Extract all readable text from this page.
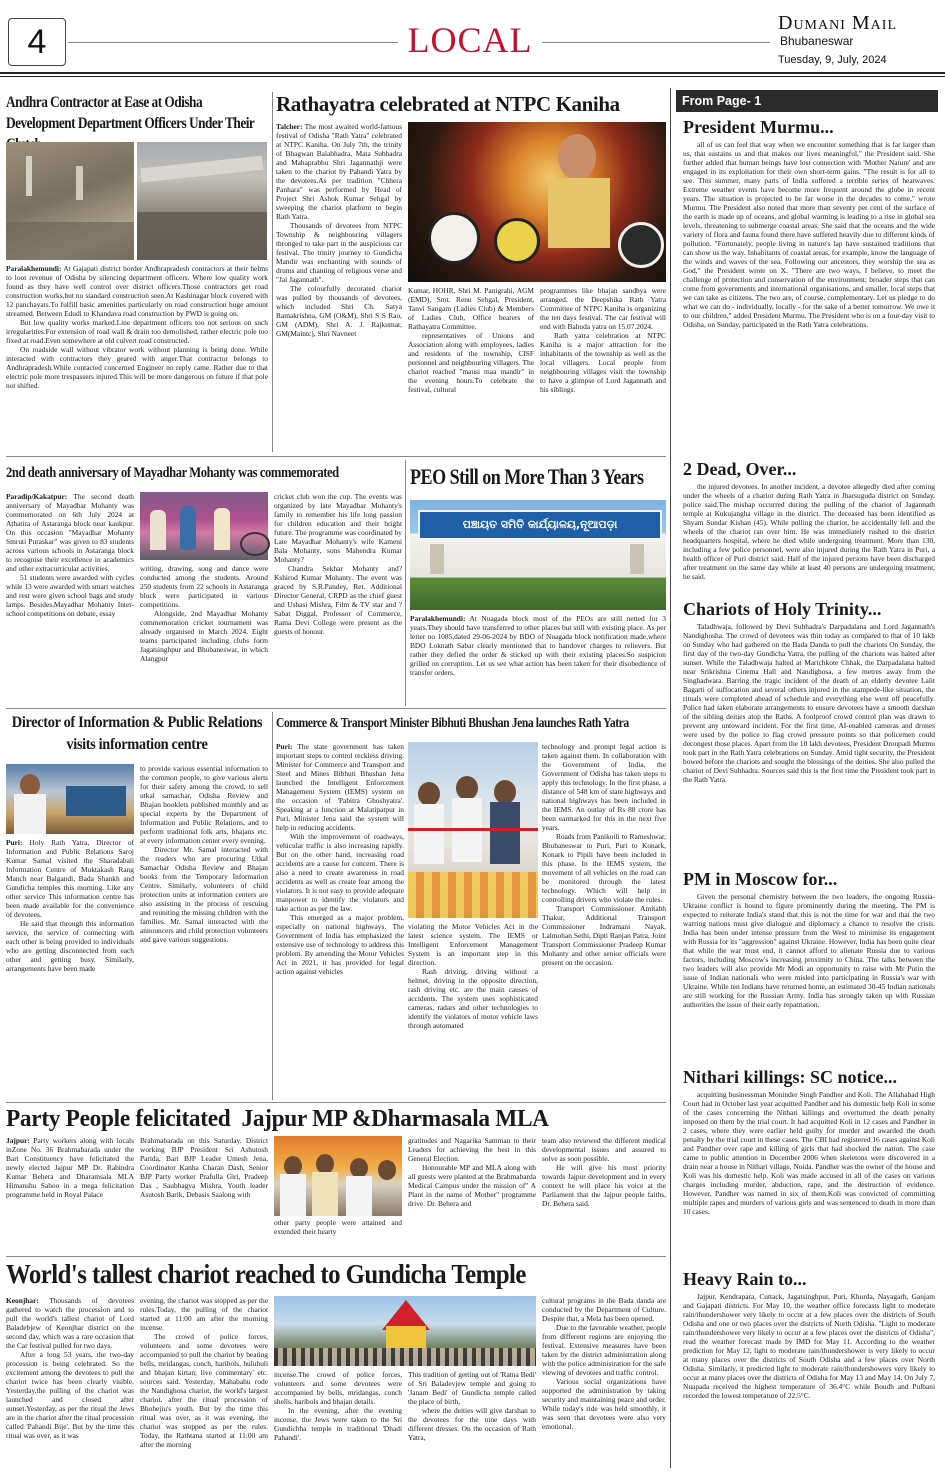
4	LOCAL	Dumani Mail
Bhubaneswar
Tuesday, 9, July, 2024
Andhra Contractor at Ease at Odisha Development Department Officers Under Their

Paralakhemundi: At Gajapati district border Andhrapradesh contractors at their helms to loot revenue of Odisha by silencing department officers. Where low quality work found as they have well control over district officers.Those contractors get road construction works,but no standard construction seen.At Kashinagar block covered with 12 panchayats.To fulfill basic amenities particularly on road construction huge amount streamed. Between Edudi to Khandava road construction by PWD is going on.

But low quality works marked.Line department officers too not serious on such irregularities.For extension of road wall & drain too demolished, rather electric pole too fixed at road.Even somewhere at old culvert road constructed.

On roadside wall without vibrator work without planning is being done. While interacted with contractors they geared with anger.That contractor belongs to Andhrapradesh.While contacted concerned Engineer no reply came. Rather due to that electric pole more trespassers injured.This will be more dangerous on future if that pole not shifted.

Rathayatra celebrated at NTPC Kaniha

Talcher: The most awaited world-famous festival of Odisha "Rath Yatra" celebrated at NTPC Kaniha. On July 7th, the trinity of Bhagwan Balabhadra, Mata Subhadra and Mahaprabhu Shri Jagannathji were taken to the chariot by Pahandi Yatra by the devotees.As per tradition "Chhera Panhara" was performed by Head of Project Shri Ashok Kumar Sehgal by sweeping the chariot platform to begin Rath Yatra.

Thousands of devotees from NTPC Township & neighbouring villagers thronged to take part in the auspicious car festival. The trinity journey to Gundicha Mandir was enchanting with sounds of drums and chanting of religious verse and "Jai Jagannath".

The colourfully decorated chariot was pulled by thousands of devotees, which included Shri Ch. Satya Ramakrishna, GM (O&M), Shri S S Rao, GM (ADM), Shri A. J. Rajkumar, GM(Maintc), Shri Navneet

Kumar, HOHR, Shri M. Panigrahi, AGM (EMD), Smt. Renu Sehgal, President, Tanvi Sangam (Ladies Club) & Members of Ladies Club, Office bearers of Rathayatra Committee.

representatives of Unions and Association along with employees, ladies and residents of the township, CISF personnel and neighbouring villagers. The chariot reached "mausi maa mandir" in the evening hours.To celebrate the festival, cultural

programmes like bhajan sandhya were arranged. the Deepshika Rath Yatra Committee of NTPC Kaniha is organizing the ten days festival. The car festival will end with Bahuda yatra on 15.07.2024.

Rath yatra celebration at NTPC Kaniha is a major attraction for the inhabitants of the township as well as the local villagers. Local people from neighbouring villages visit the township to have a glimpse of Lord Jagannath and his siblings.

2nd death anniversary of Mayadhar Mohanty was commemorated

Paradip/Kakatpur: The second death anniversary of Mayadhar Mohanty was commemorated on 6th July 2024 at Athatira of Astaranga block near kaukpur. On this occasion "Mayadhar Mohanty Smruti Puraskar" was given to 83 students across various schools in Astaranga block to recognise their excellence in academics and other extracurricular activities.

51 students were awarded with cycles while 13 were awarded with smart watches and rest were given school bags and study lamps. Besides,Mayadhar Mohanty Inter-school competitions on debate, essay

writing, drawing, song and dance were conducted among the students. Around 250 students from 22 schools in Astaranga block were participated in various competitions.

Alongside, 2nd Mayadhar Mohanty commemoration cricket tournament was already organised in March 2024. Eight teams participated including clubs form Jagatsinghpur and Bhubaneswar, in which Alangpur

cricket club won the cup. The events was organized by late Mayadhar Mohanty's family to remember his life long passion for children education and their bright future. The programme was coordinated by Late Mayadhar Mohanty's wife Kameni Bala Mohanty, sons Mahendra Kumar Mohanty?

Chandra Sekhar Mohanty and? Kshirod Kumar Mohanty. The event was graced by S.R.Pandey, Ret. Additional Director General, CRPD as the chief guest and Ushasi Mishra, Film & TV star and ?Sabat Diggal, Professor of Commerce, Rama Devi College were present as the guests of honour.

PEO Still on More Than 3 Years
ପଞ୍ଚାୟତ ସମିତି କାର୍ଯ୍ୟାଳୟ,ନୂଆପଡ଼ା

Paralakhemundi: At Nuagada block most of the PEOs are still netted for 3 years.They should have transferred to other places but still with existing place. As per letter no 1085,dated 29-06-2024 by BDO of Nuagada block notification made,where BDO Loknath Sabar clearly mentioned that to handover charges to relievers. But rather they defied the order & sticked up with their existing places.So suspicion grilled on corruption. Let us see what action has been taken for their disobedience of transfer orders.

Director of Information & Public Relations visits information centre

Puri: Holy Rath Yatra, Director of Information and Public Relations Saroj Kumar Samal visited the Sharadabali Information Centre of Muktakash Rang Manch near Balgandi, Bada Shankh and Gundicha temples this morning. Like any other service This information centre has been made available for the convenience of devotees.

He said that through this information service, the service of connecting with each other is being provided to individuals who are getting disconnected from each other and getting busy. Similarly, arrangements have been made

to provide various essential information to the common people, to give various alerts for their safety among the crowd, to sell utkal samachar, Odisha Review and Bhajan booklets published monthly and as special experts by the Department of Information and Public Relations, and to perform traditional folk arts, bhajans etc. at every information center every evening.

Director Mr. Samal interacted with the readers who are procuring Utkal Samachar Odisha Review and Bhajan books from the Temporary Information Centre. Similarly, volunteers of child protection units at information centers are also assisting in the process of rescuing and reuniting the missing children with the families. Mr. Samal interacted with the announcers and child protection volunteers and gave various suggestions.

Commerce & Transport Minister Bibhuti Bhushan Jena launches Rath Yatra

Puri: The state government has taken important steps to control reckless driving. Minister for Commerce and Transport and Steel and Mines Bibhuti Bhushan Jena launched the Intelligent Enforcement Management System (IEMS) system on the occasion of 'Pabitra Ghoshyatra'. Speaking at a function at Malatipatpur in Puri, Minister Jena said the system will help in reducing accidents.

With the improvement of roadways, vehicular traffic is also increasing rapidly. But on the other hand, increasing road accidents are a cause for concern. There is also a need to create awareness in road accidents as well as create fear among the violators. It is not easy to provide adequate manpower to identify the violators and take action as per the law.

This emerged as a major problem, especially on national highways. The Government of India has emphasized the extensive use of technology to address this problem. By amending the Motor Vehicles Act in 2021, it has provided for legal action against vehicles

violating the Motor Vehicles Act in the latest science system. The IEMS or Intelligent Enforcement Management System is an important step in this direction.

Rash driving, driving without a helmet, driving in the opposite direction, rash driving etc. are the main causes of accidents. The system uses sophisticated cameras, radars and other technologies to identify the violators of motor vehicle laws through automated

technology and prompt legal action is taken against them. In collaboration with the Government of India, the Government of Odisha has taken steps to apply this technology. In the first phase, a distance of 548 km of state highways and national highways has been included in the IEMS. An outlay of Rs 88 crore has been earmarked for this in the next five years.

Roads from Panikoili to Rameshwar, Bhubaneswar to Puri, Puri to Konark, Konark to Pipili have been included in this phase. In the IEMS system, the movement of all vehicles on the road can be monitored through the latest technology. Which will help in controlling drivers who violate the rules.

Transport Commissioner Amitabh Thakur, Additional Transport Commissioner Indramani Nayak, Lalmohan Sethi, Dipti Ranjan Patra, Joint Transport Commissioner Pradeep Kumar Mohanty and other senior officials were present on the occasion.

Party People felicitated  Jajpur MP &Dharmasala MLA

Jajpur: Party workers along with locals inZone No. 36 Brahmabarada under the Bari Constituency have felicitated the newly elected Jajpur MP Dr. Rabindra Kumar Behera and Dharamsala MLA Himanshu Sahoo in a mega felicitation programme held in Royal Palace

Brahmabarada on this Saturday. District working BJP President Sri Ashutosh Parida, Bari BJP Leader Umesh Jena, Coordinator Kanha Charan Dash, Senior BJP Party worker Prafulla Giri, Pradeep Das , Saubhagya Mishra, Youth leader Asutosh Barik, Debasis Saalong with

other party people were attained and extended their hearty

gratitudes and Nagarika Samman to their Leaders for achieving the best in this General Election.

Honourable MP and MLA along with all guests were planted at the Brahmabarda Medical Campus under the mission of" A Plant in the name of Mother" programme drive. Dr. Behera and

team also reviewed the different medical developmental issues and assured to solve as soon possible.

He will give his most priority towards Jajpur development and in every context he will place his voice at the Parliament that the Jajpur people faiths, Dr. Behera said.

World's tallest chariot reached to Gundicha Temple

Keonjhar: Thousands of devotees gathered to watch the procession and to pull the world's tallest chariot of Lord Baladebjew of Keonjhar district on the second day, which was a rare occasion that the Car festival pulled for two days.

After a long 53 years, the two-day procession is being celebrated. So the excitement among the devotees to pull the chariot twice has been clearly visible. Yesterday,the pulling of the chariot was launched and closed after sunset.Yesterday, as per the ritual the Jews are in the chariot after the ritual procession called 'Pahandi Bije'. But by the time this ritual was over, as it was

evening, the chariot was stopped as per the rules.Today, the pulling of the chariot started at 11:00 am after the morning incense.

The crowd of police forces, volunteers and some devotees were accompanied to pull the chariot by beating bells, mridangas, conch, haribols, huluhuli and bhajan kirtan; live commentary' etc. sources said. Yesterday, Mahabahu rode the Nandighosa chariot, the world's largest chariot, after the ritual procession of Bhohejiu's youth. But by the time this ritual was over, as it was evening, the chariot was stopped as per the rules. Today, the Rathtana started at 11:00 am after the morning

incense.The crowd of police forces, volunteers and some devotees were accompanied by bells, mridangas, conch shells, haribols and bhajan details.

In the evening, after the evening incense, the Jews were taken to the Sri Gundichha temple in traditional 'Dhadi Pahandi'.

This tradition of getting out of 'Ratna Bedi' of Sri Baladevjew temple and going to 'Janam Bedi' of Gundicha temple called the place of birth,

where the deities will give darshan to the devotees for the nine days with different dresses. On the occasion of Rath Yatra,

cultural programs in the Bada danda are conducted by the Department of Culture. Despite that, a Mela has been opened.

Due to the favorable weather, people from different regions are enjoying the festival. Extensive measures have been taken by the district administration along with the police administration for the safe viewing of devotees and traffic control.

Various social organizations have supported the administration by taking security and maintaining peace and order. While today's ride was held smoothly, it was seen that devotees were also very emotional.

From Page- 1
President Murmu...

all of us can feel that way when we encounter something that is far larger than us, that sustains us and that makes our lives meaningful," the President said. She further added that human beings have lost connection with 'Mother Nature' and are engaged in its exploitation for their own short-term gains. "The result is for all to see. This summer, many parts of India suffered a terrible series of heatwaves. Extreme weather events have become more frequent around the globe in recent years. The situation is projected to be far worse in the decades to come," wrote Murmu. The President also noted that more than seventy per cent of the surface of the earth is made up of oceans, and global warming is leading to a rise in global sea levels, threatening to submerge coastal areas. She said that the oceans and the wide variety of flora and fauna found there have suffered heavily due to different kinds of pollution. "Fortunately, people living in nature's lap have sustained traditions that can show us the way. Inhabitants of coastal areas, for example, know the language of the winds and waves of the sea. Following our ancestors, they worship the sea as God," the President wrote on X. "There are two ways, I believe, to meet the challenge of protection and conservation of the environment; broader steps that can come from governments and international organisations, and smaller, local steps that we can take as citizens. The two are, of course, complementary. Let us pledge to do what we can do - individually, locally - for the sake of a better tomorrow. We owe it to our children," added President Murmu. The President who is on a four-day visit to Odisha, on Sunday, participated in the Rath Yatra celebrations.

2 Dead, Over...

the injured devotees. In another incident, a devotee allegedly died after coming under the wheels of a chariot during Rath Yatra in Jharsuguda district on Sunday, police said.The mishap occurred during the pulling of the chariot of Jagannath temple at Kukujangha village in the district. The deceased has been identified as Shyam Sundar Kishan (45). While pulling the chariot, he accidentally fell and the wheels of the chariot ran over him. He was immediately rushed to the district headquarters hospital, where he died while undergoing treatment. More than 130, including a few police personnel, were also injured during the Rath Yatra in Puri, a health officer of Puri district said. Half of the injured persons have been discharged after treatment on the same day while at least 40 persons are undergoing treatment, he said.

Chariots of Holy Trinity...

Taladhwaja, followed by Devi Subhadra's Darpadalana and Lord Jagannath's Nandighosha. The crowd of devotees was thin today as compared to that of 10 lakh on Sunday who had gathered on the Bada Danda to pull the chariots On Sunday, the first day of the two-day Gundicha Yatra, the pulling of the chariots was halted after sunset. While the Taladhwaja halted at Marichkote Chhak, the Darpadalana halted near Srikrishna Cinema Hall and Nandighosa, a few metres away from the Singhadwara. Barring the tragic incident of the death of an elderly devotee Lalit Bagarti of suffocation and several others injured in the stampede-like situation, the rituals were completed ahead of schedule and everything else went off peacefully. Police had taken elaborate arrangements to ensure devotees have a smooth darshan of the sibling deities atop the Raths. A foolproof crowd control plan was drawn to prevent any untoward incident. For the first time, AI-enabled cameras and drones were used by the police to flag crowd pressure points so that policemen could decongest those places. Apart from the 10 lakh devotees, President Droupadi Murmu took part in the Rath Yatra celebrations on Sunday. Amid tight security, the President bowed before the chariots and sought the blessings of the deities. She also pulled the chariot of Devi Subhadra. Sources said this is the first time the President took part in the Rath Yatra.

PM in Moscow for...

Given the personal chemistry between the two leaders, the ongoing Russia-Ukraine conflict is bound to figure prominently during the meeting. The PM is expected to reiterate India's stand that this is not the time for war and that the two warring nations must give dialogue and diplomacy a chance to resolve the crisis. India has been under intense pressure from the West to minimise its engagement with Russia for its "aggression" against Ukraine. However, India has been quite clear that while the war must end, it cannot afford to alienate Russia due to various factors, including Moscow's increasing proximity to China. The talks between the two leaders will also provide Mr Modi an opportunity to raise with Mr Putin the issue of Indian nationals who were misled into participating in Russia's war with Ukraine. While ten Indians have returned home, an estimated 30-45 Indian nationals are still working for the Russian Army. India has strongly taken up with Russian authorities the issue of their early repatriation.

Nithari killings: SC notice...

acquitting businessman Moninder Singh Pandher and Koli. The Allahabad High Court had in October last year acquitted Pandher and his domestic help Koli in some of the cases concerning the Nithari killings and overturned the death penalty imposed on them by the trial court. It had acquitted Koli in 12 cases and Pandher in 2 cases, where they were earlier held guilty for murder and awarded the death penalty by the trial court in these cases. The CBI had registered 16 cases against Koli and Pandher over rape and killing of girls that had shocked the nation. The case came to public attention in December 2006 when skeletons were discovered in a drain near a house in Nithari village, Noida. Pandher was the owner of the house and Koli was his domestic help. Koli was made accused in all of the cases on various charges including murder, abduction, rape, and the destruction of evidence. However, Pandher was named in six of them.Koli was convicted of committing multiple rapes and murders of various girls and was sentenced to death in more than 10 cases.

Heavy Rain to...

Jajpur, Kendrapara, Cuttack, Jagatsinghpur, Puri, Khurda, Nayagarh, Ganjam and Gajapati districts. For May 10, the weather office forecasts light to moderate rain/thundershower very likely to occur at a few places over the districts of South Odisha and one or two places over the districts of North Odisha. "Light to moderate rain/thundershower very likely to occur at a few places over the districts of Odisha", read the weather forecast made by IMD for May 11. According to the weather prediction for May 12, light to moderate rain/thundershower is very likely to occur at many places over the districts of South Odisha and a few places over North Odisha. Similarly, it predicted light to moderate rain/thundershowers very likely to occur at many places over the districts of Odisha for May 13 and May 14. On July 7, Nuapada received the highest temperature of 36.4°C while Boudh and Pulbani recorded the lowest temperature of 22.5°C.
